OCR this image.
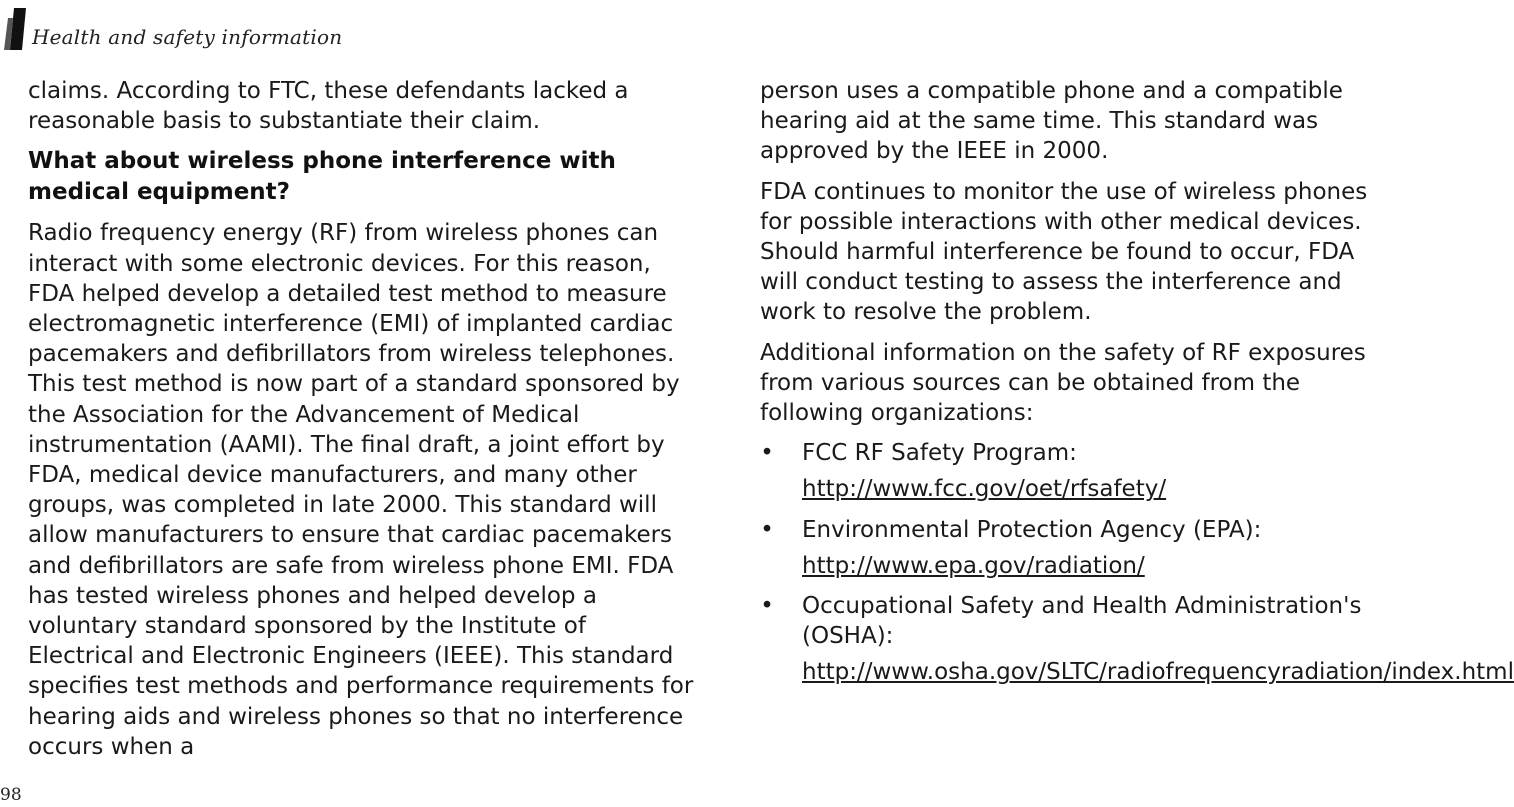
Health and safety information

claims. According to FTC, these defendants lacked a reasonable basis to substantiate their claim.

What about wireless phone interference with medical equipment?

Radio frequency energy (RF) from wireless phones can interact with some electronic devices. For this reason, FDA helped develop a detailed test method to measure electromagnetic interference (EMI) of implanted cardiac pacemakers and defibrillators from wireless telephones. This test method is now part of a standard sponsored by the Association for the Advancement of Medical instrumentation (AAMI). The final draft, a joint effort by FDA, medical device manufacturers, and many other groups, was completed in late 2000. This standard will allow manufacturers to ensure that cardiac pacemakers and defibrillators are safe from wireless phone EMI. FDA has tested wireless phones and helped develop a voluntary standard sponsored by the Institute of Electrical and Electronic Engineers (IEEE). This standard specifies test methods and performance requirements for hearing aids and wireless phones so that no interference occurs when a

person uses a compatible phone and a compatible hearing aid at the same time. This standard was approved by the IEEE in 2000.

FDA continues to monitor the use of wireless phones for possible interactions with other medical devices. Should harmful interference be found to occur, FDA will conduct testing to assess the interference and work to resolve the problem.

Additional information on the safety of RF exposures from various sources can be obtained from the following organizations:

• FCC RF Safety Program:
http://www.fcc.gov/oet/rfsafety/
• Environmental Protection Agency (EPA):
http://www.epa.gov/radiation/
• Occupational Safety and Health Administration's (OSHA):
http://www.osha.gov/SLTC/radiofrequencyradiation/index.html
98
